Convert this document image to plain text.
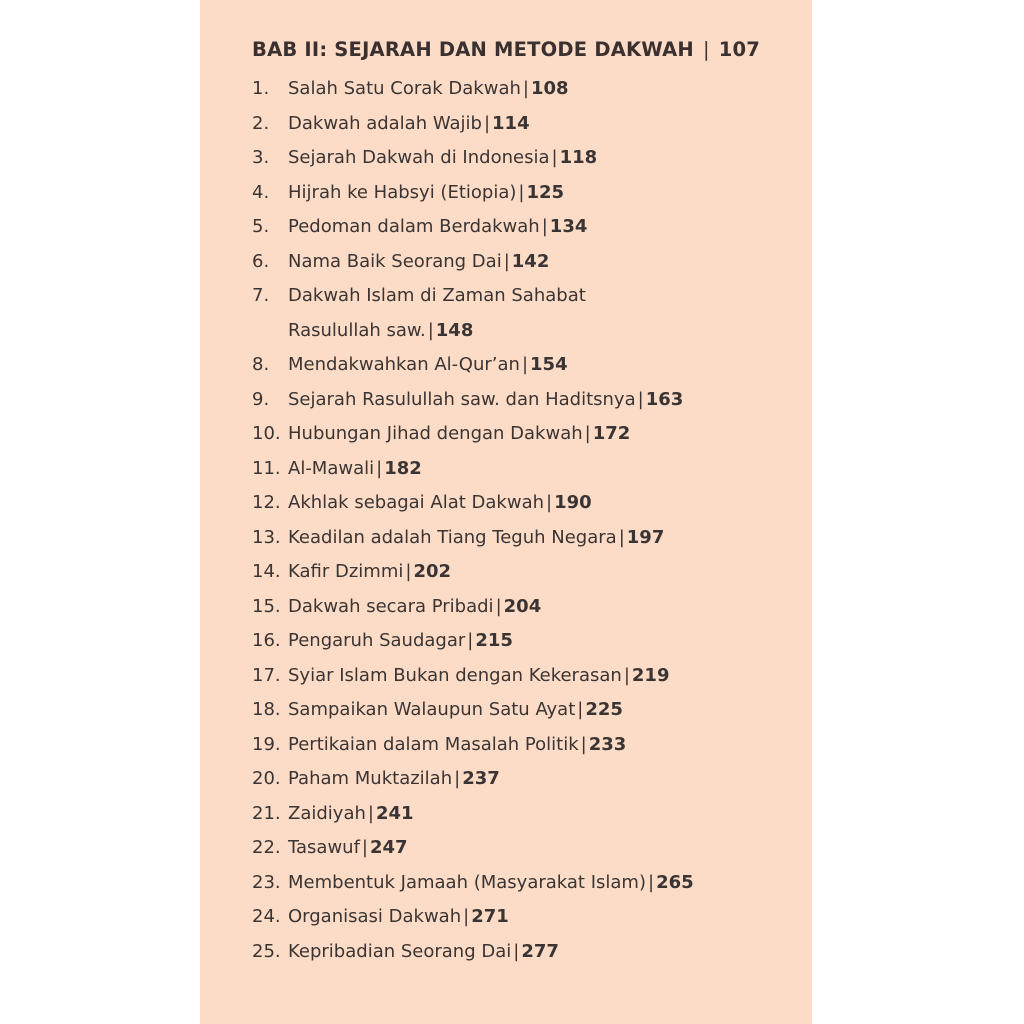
BAB II: SEJARAH DAN METODE DAKWAH | 107
1.	Salah Satu Corak Dakwah | 108
2.	Dakwah adalah Wajib | 114
3.	Sejarah Dakwah di Indonesia | 118
4.	Hijrah ke Habsyi (Etiopia) | 125
5.	Pedoman dalam Berdakwah | 134
6.	Nama Baik Seorang Dai | 142
7.	Dakwah Islam di Zaman Sahabat
Rasulullah saw. | 148
8.	Mendakwahkan Al-Qur’an | 154
9.	Sejarah Rasulullah saw. dan Haditsnya | 163
10. Hubungan Jihad dengan Dakwah | 172
11. Al-Mawali | 182
12. Akhlak sebagai Alat Dakwah | 190
13. Keadilan adalah Tiang Teguh Negara | 197
14. Kafir Dzimmi | 202
15. Dakwah secara Pribadi | 204
16. Pengaruh Saudagar | 215
17. Syiar Islam Bukan dengan Kekerasan | 219
18. Sampaikan Walaupun Satu Ayat | 225
19. Pertikaian dalam Masalah Politik | 233
20. Paham Muktazilah | 237
21. Zaidiyah | 241
22. Tasawuf | 247
23. Membentuk Jamaah (Masyarakat Islam) | 265
24. Organisasi Dakwah | 271
25. Kepribadian Seorang Dai | 277
